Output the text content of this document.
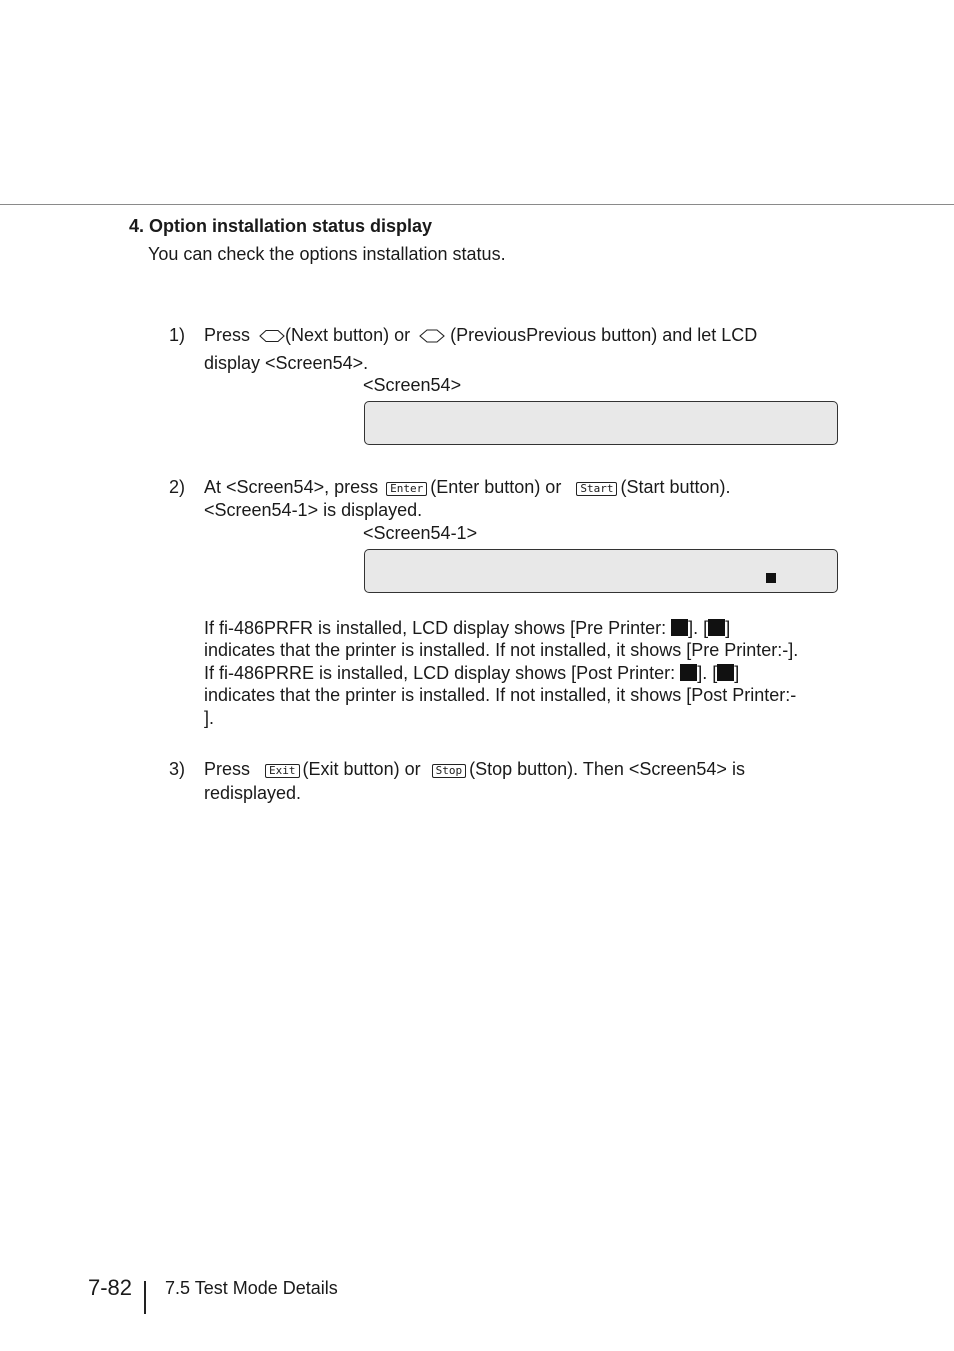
4. Option installation status display
You can check the options installation status.
1) Press (Next button) or (PreviousPrevious button) and let LCD
display <Screen54>.
<Screen54>
2) At <Screen54>, press Enter (Enter button) or Start (Start button).
<Screen54-1> is displayed.
<Screen54-1>
If fi-486PRFR is installed, LCD display shows [Pre Printer: ]. [ ]
indicates that the printer is installed. If not installed, it shows [Pre Printer:-].
If fi-486PRRE is installed, LCD display shows [Post Printer: ]. [ ]
indicates that the printer is installed. If not installed, it shows [Post Printer:-
].
3) Press Exit (Exit button) or Stop (Stop button). Then <Screen54> is
redisplayed.
7-82 7.5 Test Mode Details
